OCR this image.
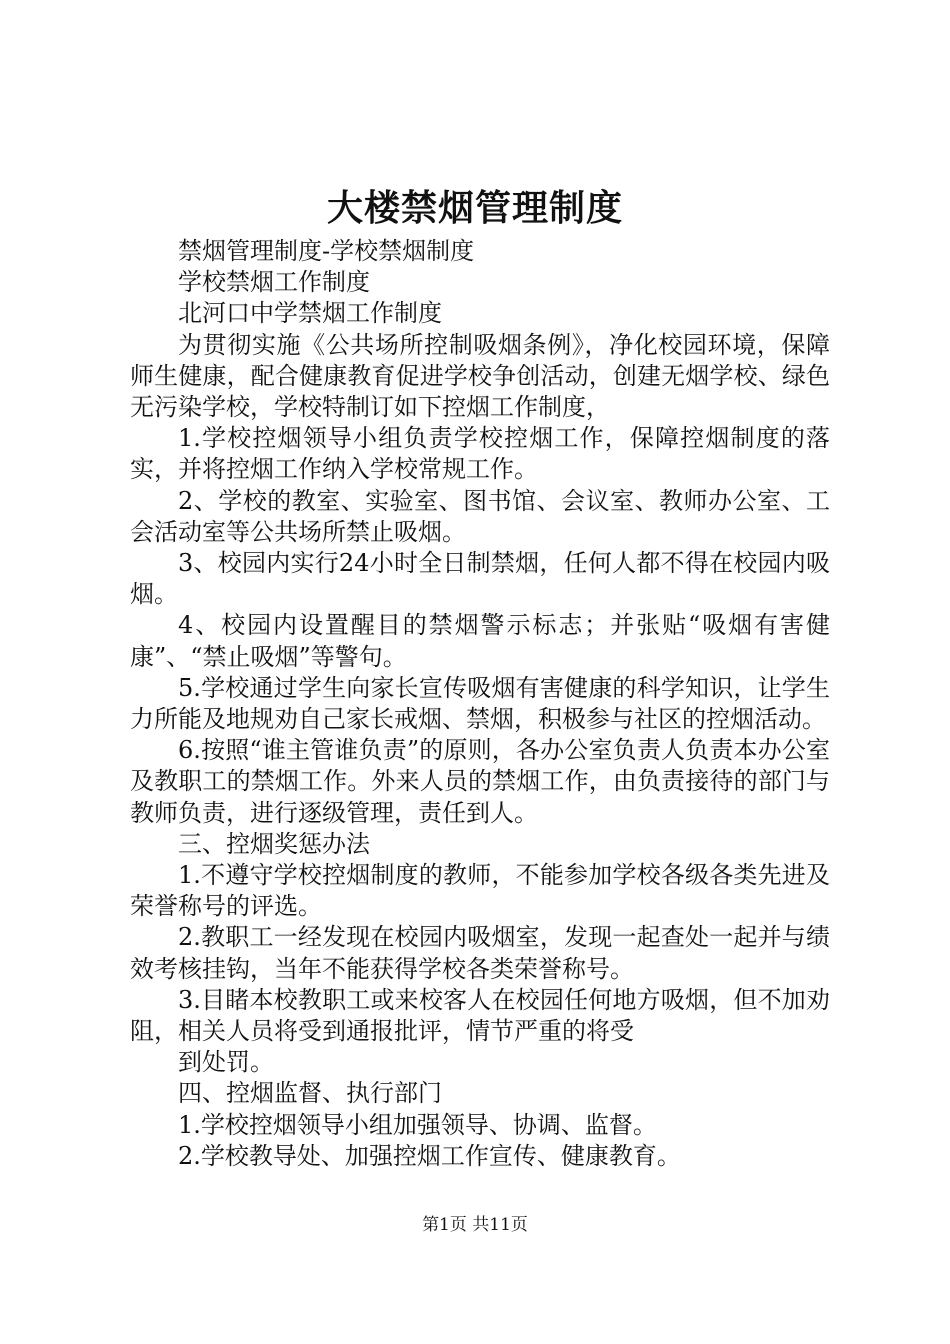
大楼禁烟管理制度

禁烟管理制度-学校禁烟制度

学校禁烟工作制度

北河口中学禁烟工作制度

为贯彻实施《公共场所控制吸烟条例》，净化校园环境，保障师生健康，配合健康教育促进学校争创活动，创建无烟学校、绿色无污染学校，学校特制订如下控烟工作制度，

1.学校控烟领导小组负责学校控烟工作，保障控烟制度的落实，并将控烟工作纳入学校常规工作。

2、学校的教室、实验室、图书馆、会议室、教师办公室、工会活动室等公共场所禁止吸烟。

3、校园内实行24小时全日制禁烟，任何人都不得在校园内吸烟。

4、校园内设置醒目的禁烟警示标志；并张贴“吸烟有害健康”、“禁止吸烟”等警句。

5.学校通过学生向家长宣传吸烟有害健康的科学知识，让学生力所能及地规劝自己家长戒烟、禁烟，积极参与社区的控烟活动。

6.按照“谁主管谁负责”的原则，各办公室负责人负责本办公室及教职工的禁烟工作。外来人员的禁烟工作，由负责接待的部门与教师负责，进行逐级管理，责任到人。

三、控烟奖惩办法

1.不遵守学校控烟制度的教师，不能参加学校各级各类先进及荣誉称号的评选。

2.教职工一经发现在校园内吸烟室，发现一起查处一起并与绩效考核挂钩，当年不能获得学校各类荣誉称号。

3.目睹本校教职工或来校客人在校园任何地方吸烟，但不加劝阻，相关人员将受到通报批评，情节严重的将受

到处罚。

四、控烟监督、执行部门

1.学校控烟领导小组加强领导、协调、监督。

2.学校教导处、加强控烟工作宣传、健康教育。

第1页 共11页
